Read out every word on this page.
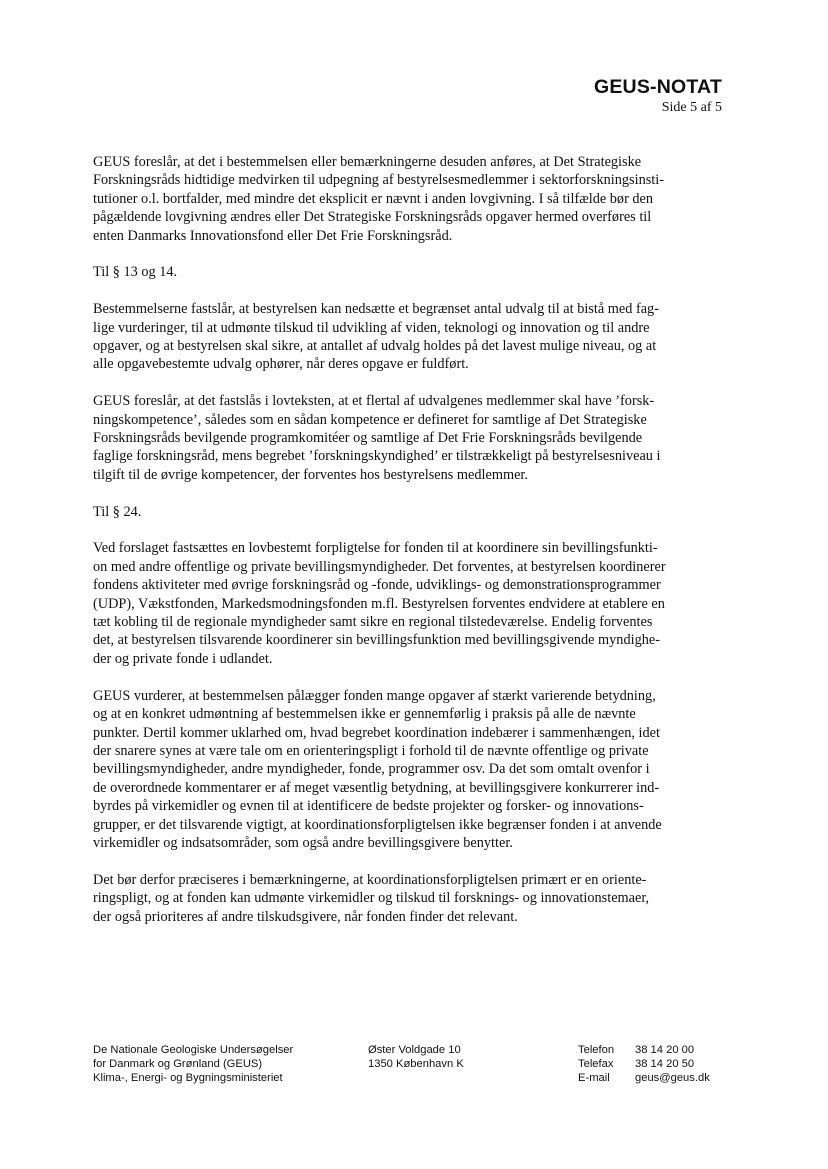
GEUS-NOTAT
Side 5 af 5

GEUS foreslår, at det i bestemmelsen eller bemærkningerne desuden anføres, at Det Strategiske
Forskningsråds hidtidige medvirken til udpegning af bestyrelsesmedlemmer i sektorforskningsinsti-
tutioner o.l. bortfalder, med mindre det eksplicit er nævnt i anden lovgivning. I så tilfælde bør den
pågældende lovgivning ændres eller Det Strategiske Forskningsråds opgaver hermed overføres til
enten Danmarks Innovationsfond eller Det Frie Forskningsråd.

Til § 13 og 14.

Bestemmelserne fastslår, at bestyrelsen kan nedsætte et begrænset antal udvalg til at bistå med fag-
lige vurderinger, til at udmønte tilskud til udvikling af viden, teknologi og innovation og til andre
opgaver, og at bestyrelsen skal sikre, at antallet af udvalg holdes på det lavest mulige niveau, og at
alle opgavebestemte udvalg ophører, når deres opgave er fuldført.

GEUS foreslår, at det fastslås i lovteksten, at et flertal af udvalgenes medlemmer skal have ’forsk-
ningskompetence’, således som en sådan kompetence er defineret for samtlige af Det Strategiske
Forskningsråds bevilgende programkomitéer og samtlige af Det Frie Forskningsråds bevilgende
faglige forskningsråd, mens begrebet ’forskningskyndighed’ er tilstrækkeligt på bestyrelsesniveau i
tilgift til de øvrige kompetencer, der forventes hos bestyrelsens medlemmer.

Til § 24.

Ved forslaget fastsættes en lovbestemt forpligtelse for fonden til at koordinere sin bevillingsfunkti-
on med andre offentlige og private bevillingsmyndigheder. Det forventes, at bestyrelsen koordinerer
fondens aktiviteter med øvrige forskningsråd og -fonde, udviklings- og demonstrationsprogrammer
(UDP), Vækstfonden, Markedsmodningsfonden m.fl. Bestyrelsen forventes endvidere at etablere en
tæt kobling til de regionale myndigheder samt sikre en regional tilstedeværelse. Endelig forventes
det, at bestyrelsen tilsvarende koordinerer sin bevillingsfunktion med bevillingsgivende myndighe-
der og private fonde i udlandet.

GEUS vurderer, at bestemmelsen pålægger fonden mange opgaver af stærkt varierende betydning,
og at en konkret udmøntning af bestemmelsen ikke er gennemførlig i praksis på alle de nævnte
punkter. Dertil kommer uklarhed om, hvad begrebet koordination indebærer i sammenhængen, idet
der snarere synes at være tale om en orienteringspligt i forhold til de nævnte offentlige og private
bevillingsmyndigheder, andre myndigheder, fonde, programmer osv. Da det som omtalt ovenfor i
de overordnede kommentarer er af meget væsentlig betydning, at bevillingsgivere konkurrerer ind-
byrdes på virkemidler og evnen til at identificere de bedste projekter og forsker- og innovations-
grupper, er det tilsvarende vigtigt, at koordinationsforpligtelsen ikke begrænser fonden i at anvende
virkemidler og indsatsområder, som også andre bevillingsgivere benytter.

Det bør derfor præciseres i bemærkningerne, at koordinationsforpligtelsen primært er en oriente-
ringspligt, og at fonden kan udmønte virkemidler og tilskud til forsknings- og innovationstemaer,
der også prioriteres af andre tilskudsgivere, når fonden finder det relevant.

De Nationale Geologiske Undersøgelser
for Danmark og Grønland (GEUS)
Klima-, Energi- og Bygningsministeriet
Øster Voldgade 10
1350 København K
Telefon 38 14 20 00
Telefax 38 14 20 50
E-mail geus@geus.dk
